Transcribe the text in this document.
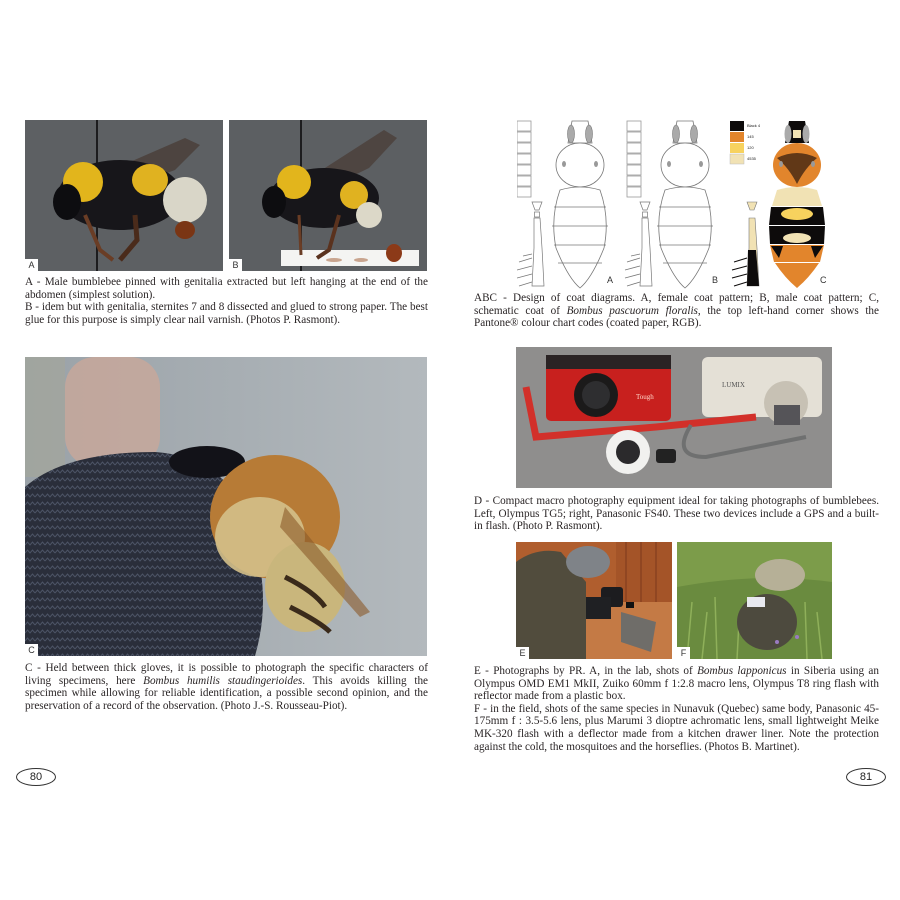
A	B

A - Male bumblebee pinned with genitalia extracted but left hanging at the end of the abdomen (simplest solution).

B - idem but with genitalia, sternites 7 and 8 dissected and glued to strong paper. The best glue for this purpose is simply clear nail varnish. (Photos P. Rasmont).

C

C - Held between thick gloves, it is possible to photograph the specific characters of living specimens, here Bombus humilis staudingerioides. This avoids killing the specimen while allowing for reliable identification, a possible second opinion, and the preservation of a record of the observation. (Photo J.-S. Rousseau-Piot).

80
A	B	C
Black 4
145
120
4535

ABC - Design of coat diagrams. A, female coat pattern; B, male coat pattern; C, schematic coat of Bombus pascuorum floralis, the top left-hand corner shows the Pantone® colour chart codes (coated paper, RGB).

Tough
LUMIX

D - Compact macro photography equipment ideal for taking photographs of bumblebees. Left, Olympus TG5; right, Panasonic FS40. These two devices include a GPS and a built-in flash. (Photo P. Rasmont).

E	F

E - Photographs by PR. A, in the lab, shots of Bombus lapponicus in Siberia using an Olympus OMD EM1 MkII, Zuiko 60mm f 1:2.8 macro lens, Olympus T8 ring flash with reflector made from a plastic box.

F - in the field, shots of the same species in Nunavuk (Quebec) same body, Panasonic 45-175mm f : 3.5-5.6 lens, plus Marumi 3 dioptre achromatic lens, small lightweight Meike MK-320 flash with a deflector made from a kitchen drawer liner. Note the protection against the cold, the mosquitoes and the horseflies. (Photos B. Martinet).

81
